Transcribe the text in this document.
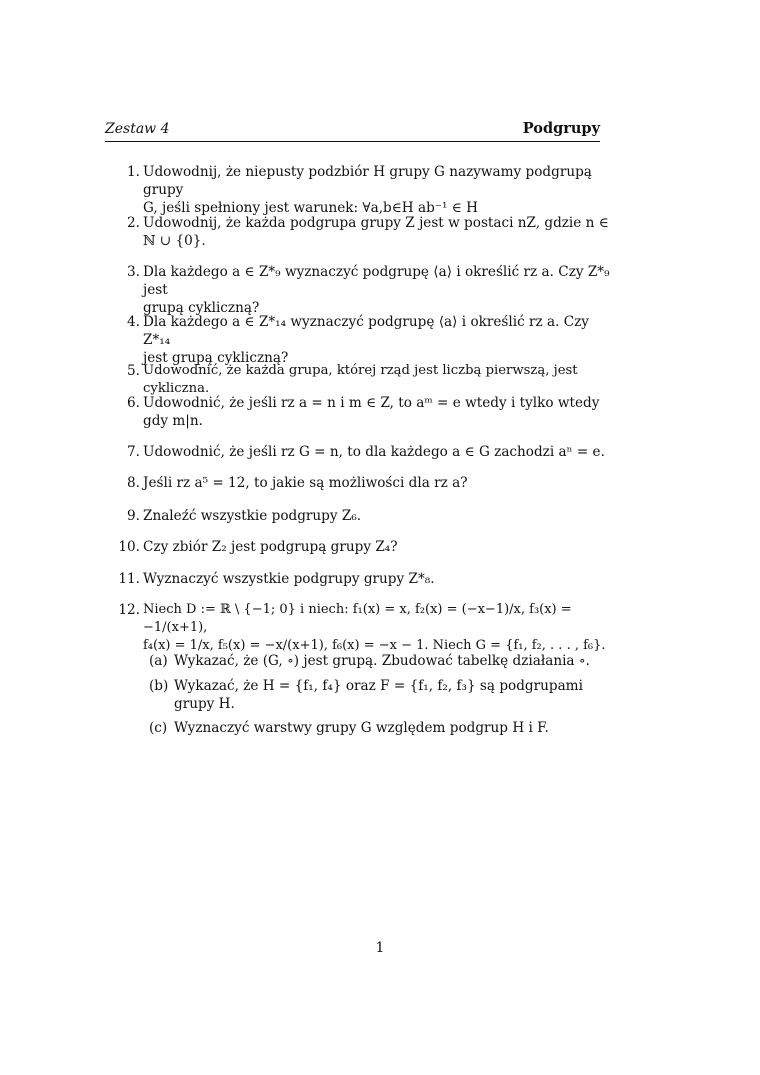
Zestaw 4	Podgrupy
1. Udowodnij, że niepusty podzbiór H grupy G nazywamy podgrupą grupy
G, jeśli spełniony jest warunek: ∀a,b∈H ab⁻¹ ∈ H
2. Udowodnij, że każda podgrupa grupy Z jest w postaci nZ, gdzie n ∈
ℕ ∪ {0}.
3. Dla każdego a ∈ Z*₉ wyznaczyć podgrupę ⟨a⟩ i określić rz a. Czy Z*₉ jest
grupą cykliczną?
4. Dla każdego a ∈ Z*₁₄ wyznaczyć podgrupę ⟨a⟩ i określić rz a. Czy Z*₁₄
jest grupą cykliczną?
5. Udowodnić, że każda grupa, której rząd jest liczbą pierwszą, jest cykliczna.
6. Udowodnić, że jeśli rz a = n i m ∈ Z, to aᵐ = e wtedy i tylko wtedy
gdy m|n.
7. Udowodnić, że jeśli rz G = n, to dla każdego a ∈ G zachodzi aⁿ = e.
8. Jeśli rz a⁵ = 12, to jakie są możliwości dla rz a?
9. Znaleźć wszystkie podgrupy Z₆.
10. Czy zbiór Z₂ jest podgrupą grupy Z₄?
11. Wyznaczyć wszystkie podgrupy grupy Z*₈.
12. Niech D := ℝ \ {−1; 0} i niech: f₁(x) = x, f₂(x) = (−x−1)/x, f₃(x) = −1/(x+1),
f₄(x) = 1/x, f₅(x) = −x/(x+1), f₆(x) = −x − 1. Niech G = {f₁, f₂, . . . , f₆}.
(a) Wykazać, że (G, ∘) jest grupą. Zbudować tabelkę działania ∘.
(b) Wykazać, że H = {f₁, f₄} oraz F = {f₁, f₂, f₃} są podgrupami
grupy H.
(c) Wyznaczyć warstwy grupy G względem podgrup H i F.
1
